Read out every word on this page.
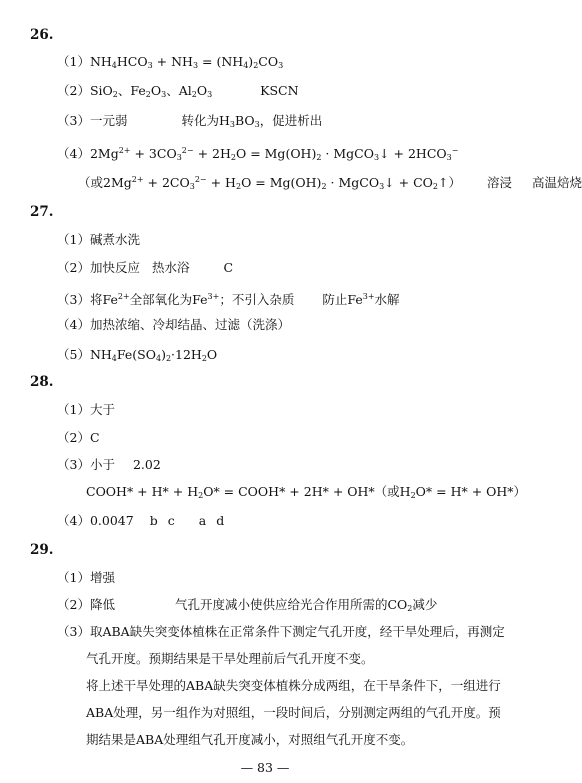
26.
$(1)NH_4HCO_3 + NH_3 = (NH_4)_2CO_3$
（2）SiO$_2$、$Fe_2O_3$、$Al_2O_3$	KSCN
（3）一元弱	转化为$H_3BO_3$，促进析出
$(4)2Mg^{2+} + 3CO_3^{2-} + 2H_2O = Mg(OH)_2$ · MgCO$_3$↓ + $2HCO_3^-$
（或$2Mg^{2+} + 2CO_3^{2-} + H_2O = Mg(OH)_2$ · MgCO$_3$↓ + $CO_2↑$） 溶浸 高温焙烧
27.
（1）碱煮水洗
（2）加快反应 热水浴	C
（3）将$Fe^{2+}$全部氧化为$Fe^{3+}$；不引入杂质 防止$Fe^{3+}$水解
（4）加热浓缩、冷却结晶、过滤（洗涤）
$(5)NH_4Fe(SO_4)_2\cdot 12H_2O$
28.
（1）大于
（2）C
（3）小于 2.02
COOH* + $H* + H_2O*$ = COOH* + 2H* + OH*（或$H_2O* = H* + OH*$）
（4）0.0047 b c a d
29.
（1）增强
（2）降低	气孔开度减小使供应给光合作用所需的$CO_2$减少
（3）取ABA缺失突变体植株在正常条件下测定气孔开度，经干旱处理后，再测定
气孔开度。预期结果是干旱处理前后气孔开度不变。
将上述干旱处理的ABA缺失突变体植株分成两组，在干旱条件下，一组进行
ABA处理，另一组作为对照组，一段时间后，分别测定两组的气孔开度。预
期结果是ABA处理组气孔开度减小，对照组气孔开度不变。
— 83 —
